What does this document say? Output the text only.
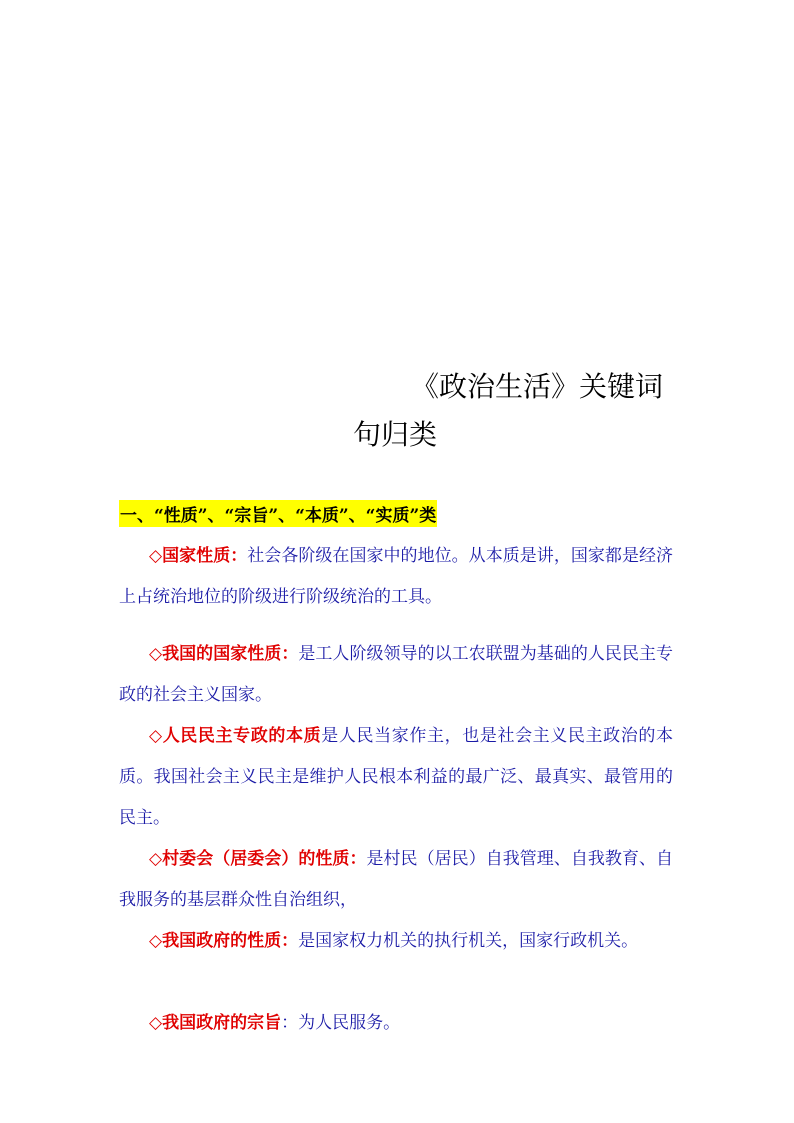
《政治生活》关键词
句归类
一、“性质”、“宗旨”、“本质”、“实质”类

◇国家性质：社会各阶级在国家中的地位。从本质是讲，国家都是经济上占统治地位的阶级进行阶级统治的工具。

◇我国的国家性质：是工人阶级领导的以工农联盟为基础的人民民主专政的社会主义国家。

◇人民民主专政的本质是人民当家作主，也是社会主义民主政治的本质。我国社会主义民主是维护人民根本利益的最广泛、最真实、最管用的民主。

◇村委会（居委会）的性质：是村民（居民）自我管理、自我教育、自我服务的基层群众性自治组织，

◇我国政府的性质：是国家权力机关的执行机关，国家行政机关。

◇我国政府的宗旨：为人民服务。
